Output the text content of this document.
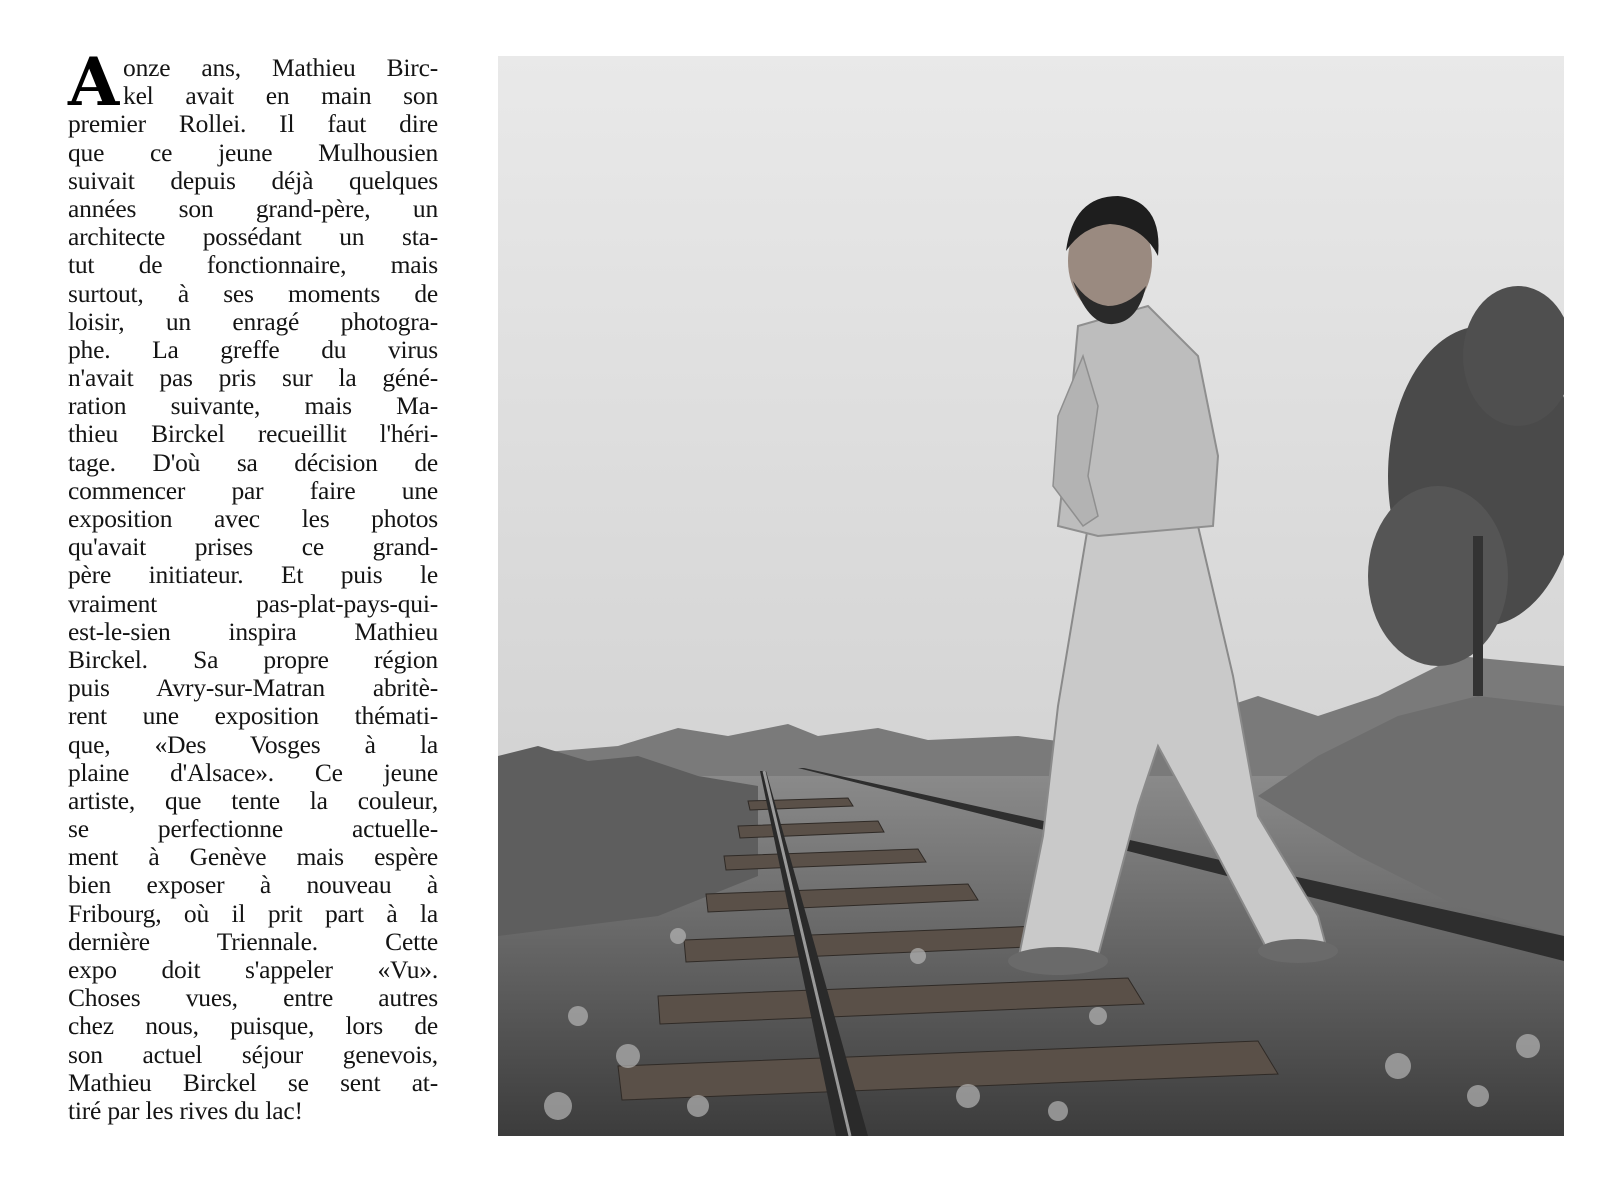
A onze ans, Mathieu Birc-
kel avait en main son
premier Rollei. Il faut dire
que ce jeune Mulhousien
suivait depuis déjà quelques
années son grand-père, un
architecte possédant un sta-
tut de fonctionnaire, mais
surtout, à ses moments de
loisir, un enragé photogra-
phe. La greffe du virus
n'avait pas pris sur la géné-
ration suivante, mais Ma-
thieu Birckel recueillit l'héri-
tage. D'où sa décision de
commencer par faire une
exposition avec les photos
qu'avait prises ce grand-
père initiateur. Et puis le
vraiment pas-plat-pays-qui-
est-le-sien inspira Mathieu
Birckel. Sa propre région
puis Avry-sur-Matran abritè-
rent une exposition thémati-
que, «Des Vosges à la
plaine d'Alsace». Ce jeune
artiste, que tente la couleur,
se perfectionne actuelle-
ment à Genève mais espère
bien exposer à nouveau à
Fribourg, où il prit part à la
dernière Triennale. Cette
expo doit s'appeler «Vu».
Choses vues, entre autres
chez nous, puisque, lors de
son actuel séjour genevois,
Mathieu Birckel se sent at-
tiré par les rives du lac!
